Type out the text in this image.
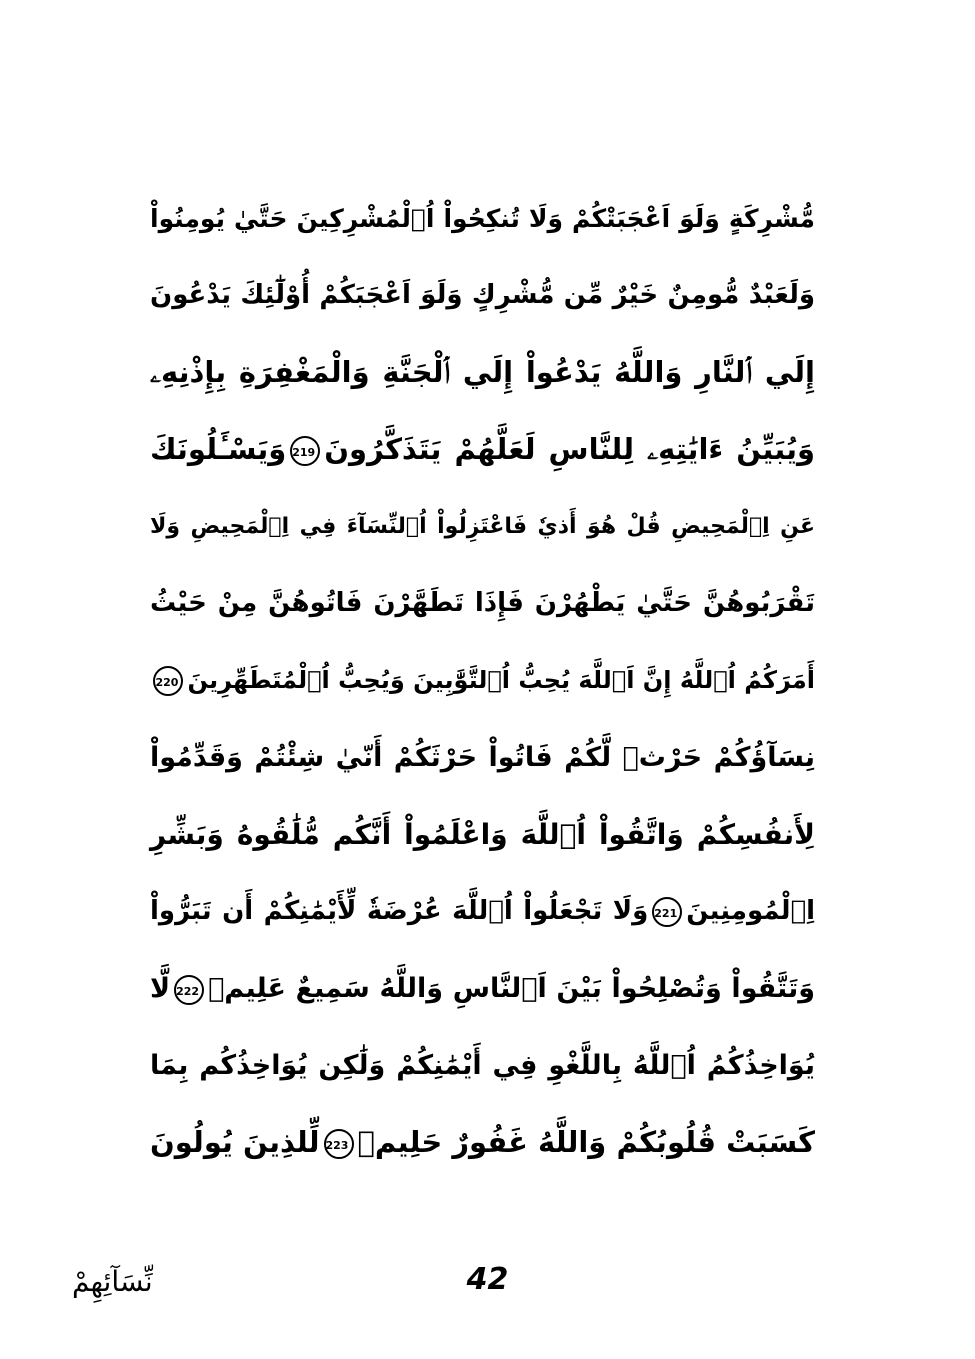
مُّشْرِكَةٍ وَلَوَ اَعْجَبَتْكُمْ وَلَا تُنكِحُواْ اُ۬لْمُشْرِكِينَ حَتَّيٰ يُومِنُواْ
وَلَعَبْدٌ مُّومِنٌ خَيْرٌ مِّن مُّشْرِكٍ وَلَوَ اَعْجَبَكُمْ أُوْلَٰٓئِكَ يَدْعُونَ
إِلَي اَ۬لنَّارِ وَاللَّهُ يَدْعُواْ إِلَي اَ۬لْجَنَّةِ وَالْمَغْفِرَةِ بِإِذْنِهِۦ
وَيُبَيِّنُ ءَايَٰتِهِۦ لِلنَّاسِ لَعَلَّهُمْ يَتَذَكَّرُونَ219وَيَسْـَٔلُونَكَ
عَنِ اِ۬لْمَحِيضِ قُلْ هُوَ أَذيٗ فَاعْتَزِلُواْ اُ۬لنِّسَآءَ فِي اِ۬لْمَحِيضِ وَلَا
تَقْرَبُوهُنَّ حَتَّيٰ يَطْهُرْنَ فَإِذَا تَطَهَّرْنَ فَاتُوهُنَّ مِنْ حَيْثُ
أَمَرَكُمُ اُ۬للَّهُ إِنَّ اَ۬للَّهَ يُحِبُّ اُ۬لتَّوَّٰبِينَ وَيُحِبُّ اُ۬لْمُتَطَهِّرِينَ220
نِسَآؤُكُمْ حَرْثٞ لَّكُمْ فَاتُواْ حَرْثَكُمْ أَنّيٰ شِئْتُمْ وَقَدِّمُواْ
لِأَنفُسِكُمْ وَاتَّقُواْ اُ۬للَّهَ وَاعْلَمُواْ أَنَّكُم مُّلَٰقُوهُ وَبَشِّرِ
اِ۬لْمُومِنِينَ221وَلَا تَجْعَلُواْ اُ۬للَّهَ عُرْضَةٗ لِّأَيْمَٰنِكُمْ أَن تَبَرُّواْ
وَتَتَّقُواْ وَتُصْلِحُواْ بَيْنَ اَ۬لنَّاسِ وَاللَّهُ سَمِيعٌ عَلِيمٞ222لَّا
يُوَاخِذُكُمُ اُ۬للَّهُ بِاللَّغْوِ فِي أَيْمَٰنِكُمْ وَلَٰكِن يُوَاخِذُكُم بِمَا
كَسَبَتْ قُلُوبُكُمْ وَاللَّهُ غَفُورٌ حَلِيمٞ223لِّلذِينَ يُولُونَ
42
نِّسَآئِهِمْ
